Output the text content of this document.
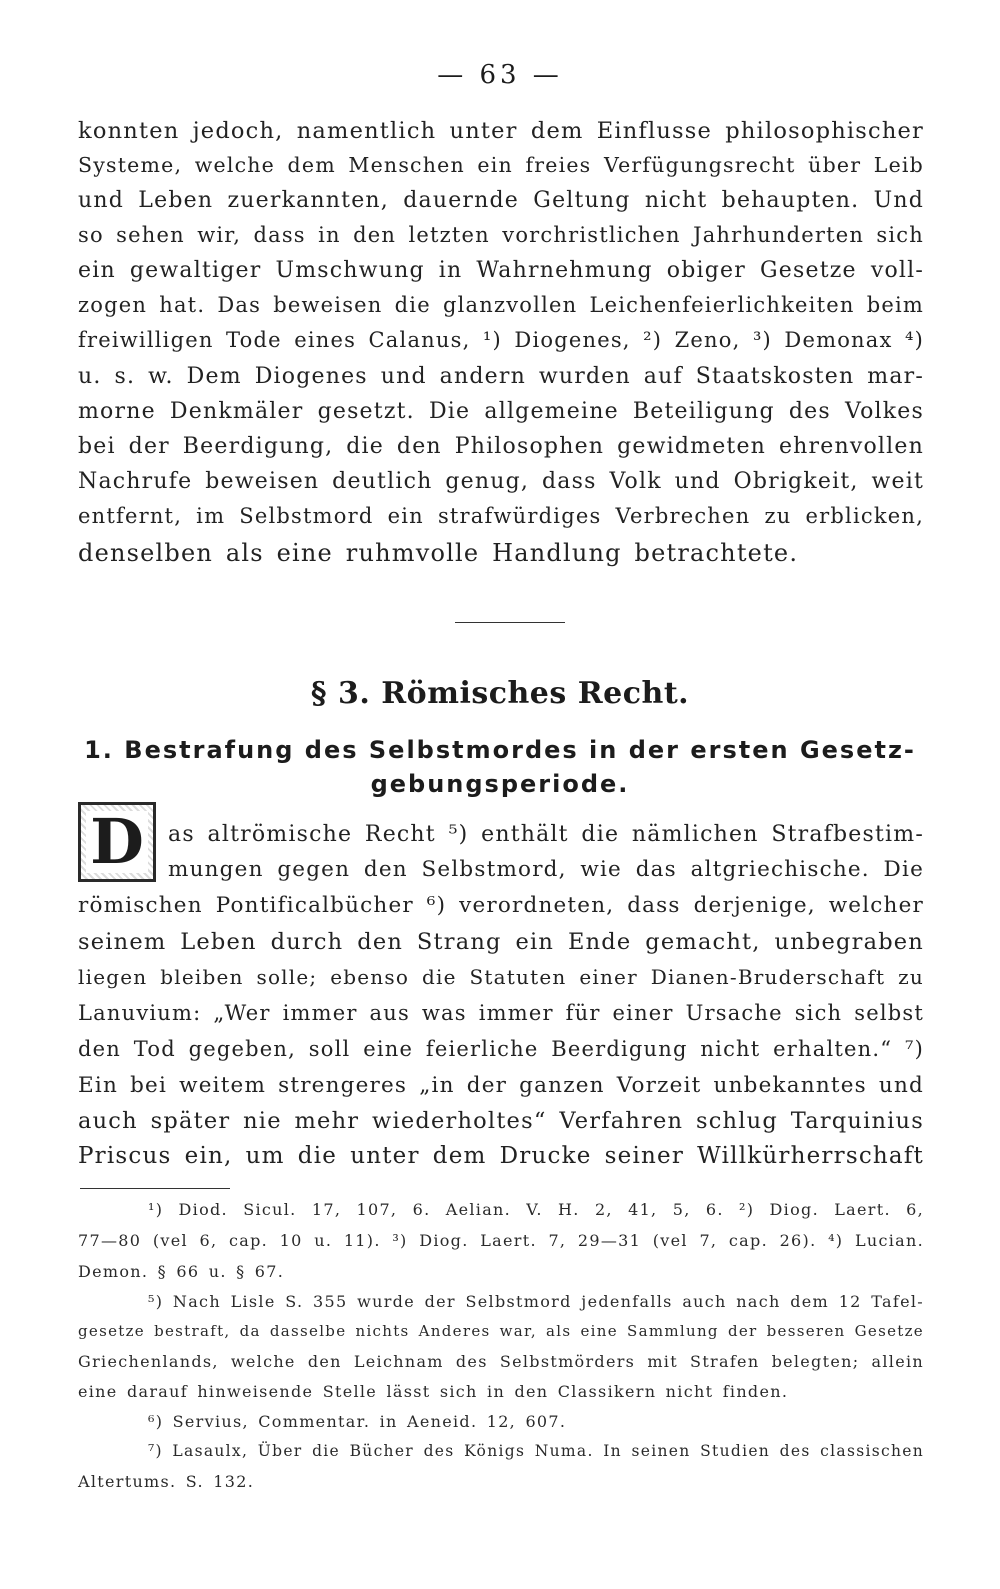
— 63 —
konnten jedoch, namentlich unter dem Einflusse philosophischer
Systeme, welche dem Menschen ein freies Verfügungsrecht über Leib
und Leben zuerkannten, dauernde Geltung nicht behaupten. Und
so sehen wir, dass in den letzten vorchristlichen Jahrhunderten sich
ein gewaltiger Umschwung in Wahrnehmung obiger Gesetze voll-
zogen hat. Das beweisen die glanzvollen Leichenfeierlichkeiten beim
freiwilligen Tode eines Calanus, ¹) Diogenes, ²) Zeno, ³) Demonax ⁴)
u. s. w. Dem Diogenes und andern wurden auf Staatskosten mar-
morne Denkmäler gesetzt. Die allgemeine Beteiligung des Volkes
bei der Beerdigung, die den Philosophen gewidmeten ehrenvollen
Nachrufe beweisen deutlich genug, dass Volk und Obrigkeit, weit
entfernt, im Selbstmord ein strafwürdiges Verbrechen zu erblicken,
denselben als eine ruhmvolle Handlung betrachtete.
§ 3. Römisches Recht.
1. Bestrafung des Selbstmordes in der ersten Gesetz-
gebungsperiode.
D as altrömische Recht ⁵) enthält die nämlichen Strafbestim-
mungen gegen den Selbstmord, wie das altgriechische. Die
römischen Pontificalbücher ⁶) verordneten, dass derjenige, welcher
seinem Leben durch den Strang ein Ende gemacht, unbegraben
liegen bleiben solle; ebenso die Statuten einer Dianen-Bruderschaft zu
Lanuvium: „Wer immer aus was immer für einer Ursache sich selbst
den Tod gegeben, soll eine feierliche Beerdigung nicht erhalten.“ ⁷)
Ein bei weitem strengeres „in der ganzen Vorzeit unbekanntes und
auch später nie mehr wiederholtes“ Verfahren schlug Tarquinius
Priscus ein, um die unter dem Drucke seiner Willkürherrschaft
¹) Diod. Sicul. 17, 107, 6. Aelian. V. H. 2, 41, 5, 6. ²) Diog. Laert. 6,
77—80 (vel 6, cap. 10 u. 11). ³) Diog. Laert. 7, 29—31 (vel 7, cap. 26). ⁴) Lucian.
Demon. § 66 u. § 67.
⁵) Nach Lisle S. 355 wurde der Selbstmord jedenfalls auch nach dem 12 Tafel-
gesetze bestraft, da dasselbe nichts Anderes war, als eine Sammlung der besseren Gesetze
Griechenlands, welche den Leichnam des Selbstmörders mit Strafen belegten; allein
eine darauf hinweisende Stelle lässt sich in den Classikern nicht finden.
⁶) Servius, Commentar. in Aeneid. 12, 607.
⁷) Lasaulx, Über die Bücher des Königs Numa. In seinen Studien des classischen
Altertums. S. 132.
